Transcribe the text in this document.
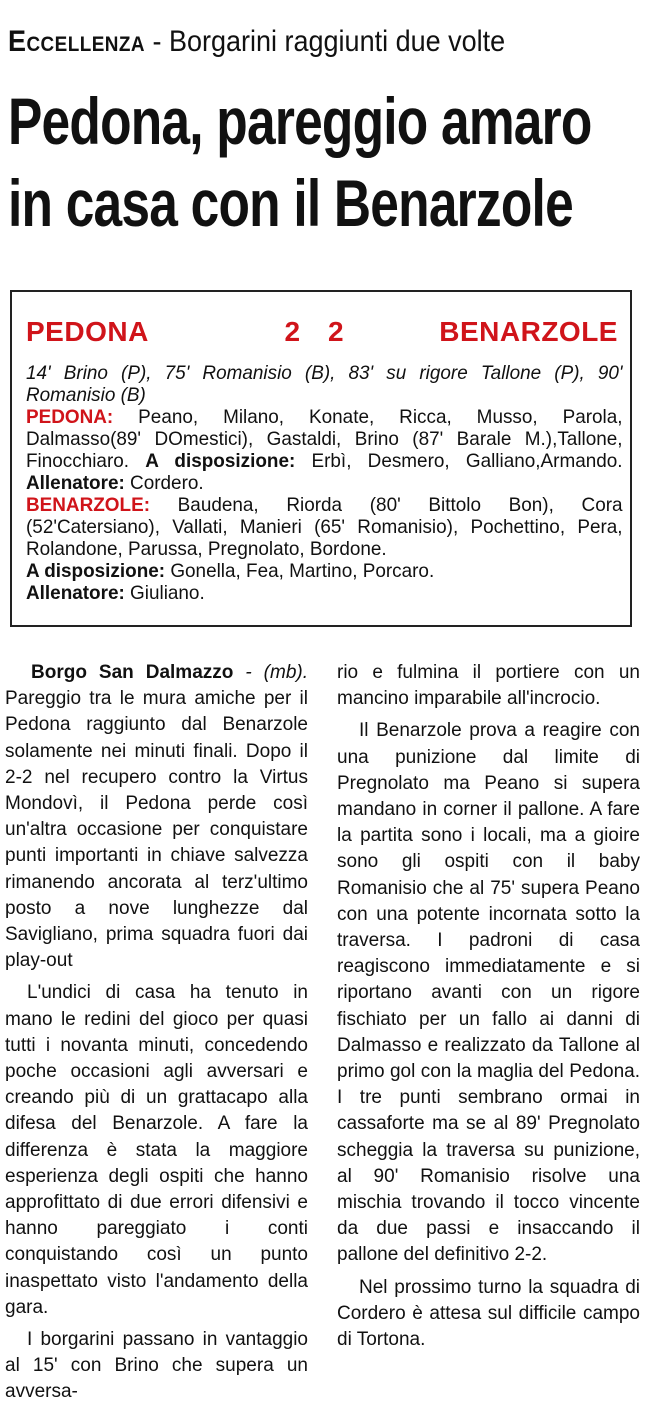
Eccellenza - Borgarini raggiunti due volte
Pedona, pareggio amaro
in casa con il Benarzole
PEDONA	2 2	BENARZOLE

14' Brino (P), 75' Romanisio (B), 83' su rigore Tallone (P), 90' Romanisio (B)

PEDONA: Peano, Milano, Konate, Ricca, Musso, Parola, Dalmasso(89' DOmestici), Gastaldi, Brino (87' Barale M.),Tallone, Finocchiaro. A disposizione: Erbì, Desmero, Galliano,Armando. Allenatore: Cordero.

BENARZOLE: Baudena, Riorda (80' Bittolo Bon), Cora (52'Catersiano), Vallati, Manieri (65' Romanisio), Pochettino, Pera, Rolandone, Parussa, Pregnolato, Bordone.

A disposizione: Gonella, Fea, Martino, Porcaro.

Allenatore: Giuliano.

Borgo San Dalmazzo - (mb). Pareggio tra le mura amiche per il Pedona raggiunto dal Benarzole solamente nei minuti finali. Dopo il 2-2 nel recupero contro la Virtus Mondovì, il Pedona perde così un'altra occasione per conquistare punti importanti in chiave salvezza rimanendo ancorata al terz'ultimo posto a nove lunghezze dal Savigliano, prima squadra fuori dai play-out

L'undici di casa ha tenuto in mano le redini del gioco per quasi tutti i novanta minuti, concedendo poche occasioni agli avversari e creando più di un grattacapo alla difesa del Benarzole. A fare la differenza è stata la maggiore esperienza degli ospiti che hanno approfittato di due errori difensivi e hanno pareggiato i conti conquistando così un punto inaspettato visto l'andamento della gara.

I borgarini passano in vantaggio al 15' con Brino che supera un avversa-

rio e fulmina il portiere con un mancino imparabile all'incrocio.

Il Benarzole prova a reagire con una punizione dal limite di Pregnolato ma Peano si supera mandano in corner il pallone. A fare la partita sono i locali, ma a gioire sono gli ospiti con il baby Romanisio che al 75' supera Peano con una potente incornata sotto la traversa. I padroni di casa reagiscono immediatamente e si riportano avanti con un rigore fischiato per un fallo ai danni di Dalmasso e realizzato da Tallone al primo gol con la maglia del Pedona. I tre punti sembrano ormai in cassaforte ma se al 89' Pregnolato scheggia la traversa su punizione, al 90' Romanisio risolve una mischia trovando il tocco vincente da due passi e insaccando il pallone del definitivo 2-2.

Nel prossimo turno la squadra di Cordero è attesa sul difficile campo di Tortona.
